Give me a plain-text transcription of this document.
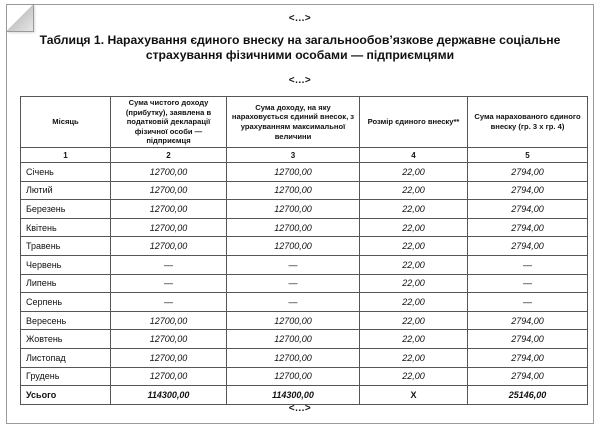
<...>
Таблиця 1. Нарахування єдиного внеску на загальнообов’язкове державне соціальне страхування фізичними особами — підприємцями
<...>
Місяць	Сума чистого доходу (прибутку), заявлена в податковій декларації фізичної особи — підприємця	Сума доходу, на яку нараховується єдиний внесок, з урахуванням максимальної величини	Розмір єдиного внеску**	Сума нарахованого єдиного внеску (гр. 3 х гр. 4)
1	2	3	4	5
Січень	12700,00	12700,00	22,00	2794,00
Лютий	12700,00	12700,00	22,00	2794,00
Березень	12700,00	12700,00	22,00	2794,00
Квітень	12700,00	12700,00	22,00	2794,00
Травень	12700,00	12700,00	22,00	2794,00
Червень	—	—	22,00	—
Липень	—	—	22,00	—
Серпень	—	—	22,00	—
Вересень	12700,00	12700,00	22,00	2794,00
Жовтень	12700,00	12700,00	22,00	2794,00
Листопад	12700,00	12700,00	22,00	2794,00
Грудень	12700,00	12700,00	22,00	2794,00
Усього	114300,00	114300,00	Х	25146,00
<...>
